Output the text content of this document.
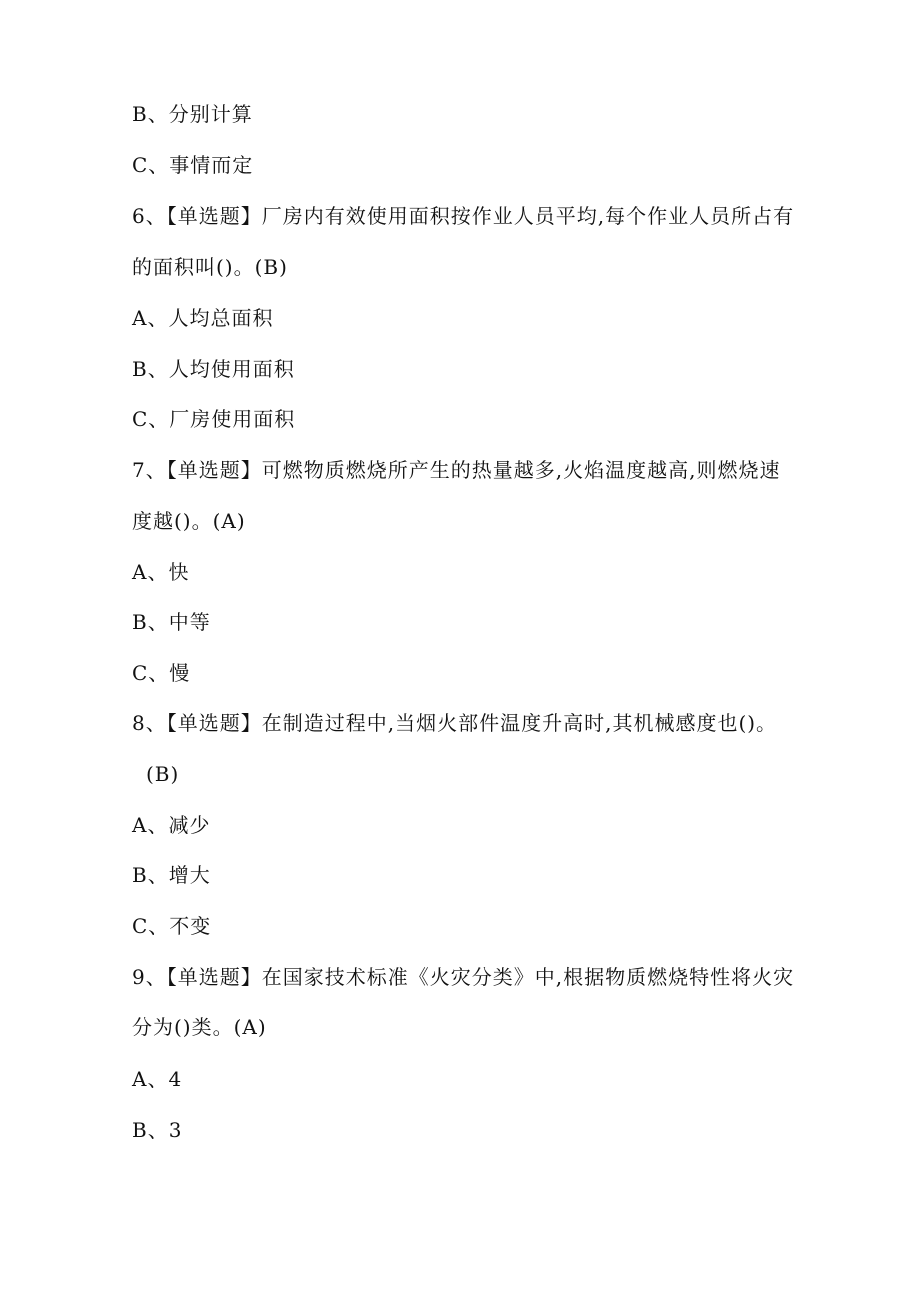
B、分别计算
C、事情而定
6、【单选题】厂房内有效使用面积按作业人员平均,每个作业人员所占有
的面积叫()。(B)
A、人均总面积
B、人均使用面积
C、厂房使用面积
7、【单选题】可燃物质燃烧所产生的热量越多,火焰温度越高,则燃烧速
度越()。(A)
A、快
B、中等
C、慢
8、【单选题】在制造过程中,当烟火部件温度升高时,其机械感度也()。
(B)
A、减少
B、增大
C、不变
9、【单选题】在国家技术标准《火灾分类》中,根据物质燃烧特性将火灾
分为()类。(A)
A、4
B、3
